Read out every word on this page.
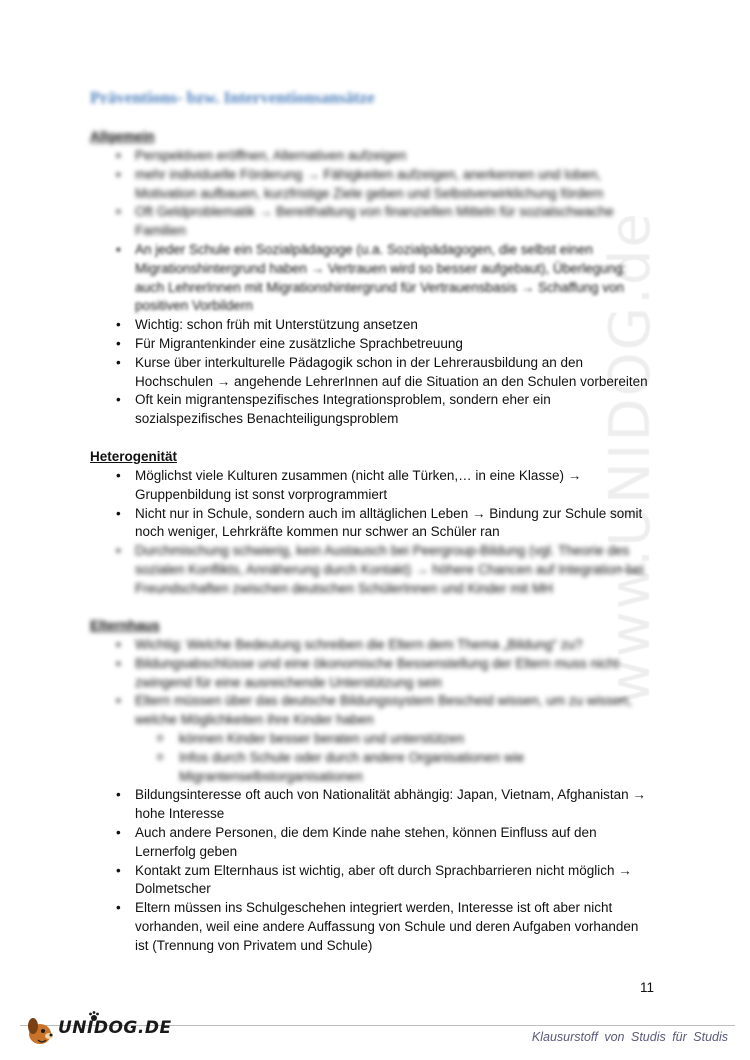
www.UNIDOG.de
Präventions- bzw. Interventionsansätze
Allgemein
• Perspektiven eröffnen, Alternativen aufzeigen
• mehr individuelle Förderung → Fähigkeiten aufzeigen, anerkennen und loben, Motivation aufbauen, kurzfristige Ziele geben und Selbstverwirklichung fördern
• Oft Geldproblematik → Bereithaltung von finanziellen Mitteln für sozialschwache Familien
• An jeder Schule ein Sozialpädagoge (u.a. Sozialpädagogen, die selbst einen Migrationshintergrund haben → Vertrauen wird so besser aufgebaut), Überlegung: auch LehrerInnen mit Migrationshintergrund für Vertrauensbasis → Schaffung von positiven Vorbildern
• Wichtig: schon früh mit Unterstützung ansetzen
• Für Migrantenkinder eine zusätzliche Sprachbetreuung
• Kurse über interkulturelle Pädagogik schon in der Lehrerausbildung an den Hochschulen → angehende LehrerInnen auf die Situation an den Schulen vorbereiten
• Oft kein migrantenspezifisches Integrationsproblem, sondern eher ein sozialspezifisches Benachteiligungsproblem
Heterogenität
• Möglichst viele Kulturen zusammen (nicht alle Türken,… in eine Klasse) → Gruppenbildung ist sonst vorprogrammiert
• Nicht nur in Schule, sondern auch im alltäglichen Leben → Bindung zur Schule somit noch weniger, Lehrkräfte kommen nur schwer an Schüler ran
• Durchmischung schwierig, kein Austausch bei Peergroup-Bildung (vgl. Theorie des sozialen Konflikts, Annäherung durch Kontakt) → höhere Chancen auf Integration bei Freundschaften zwischen deutschen SchülerInnen und Kinder mit MH
Elternhaus
• Wichtig: Welche Bedeutung schreiben die Eltern dem Thema „Bildung“ zu?
• Bildungsabschlüsse und eine ökonomische Bessenstellung der Eltern muss nicht zwingend für eine ausreichende Unterstützung sein
• Eltern müssen über das deutsche Bildungssystem Bescheid wissen, um zu wissen, welche Möglichkeiten ihre Kinder haben
o können Kinder besser beraten und unterstützen
o Infos durch Schule oder durch andere Organisationen wie Migrantenselbstorganisationen
• Bildungsinteresse oft auch von Nationalität abhängig: Japan, Vietnam, Afghanistan → hohe Interesse
• Auch andere Personen, die dem Kinde nahe stehen, können Einfluss auf den Lernerfolg geben
• Kontakt zum Elternhaus ist wichtig, aber oft durch Sprachbarrieren nicht möglich → Dolmetscher
• Eltern müssen ins Schulgeschehen integriert werden, Interesse ist oft aber nicht vorhanden, weil eine andere Auffassung von Schule und deren Aufgaben vorhanden ist (Trennung von Privatem und Schule)
11
UNIDOG.DE	Klausurstoff von Studis für Studis
